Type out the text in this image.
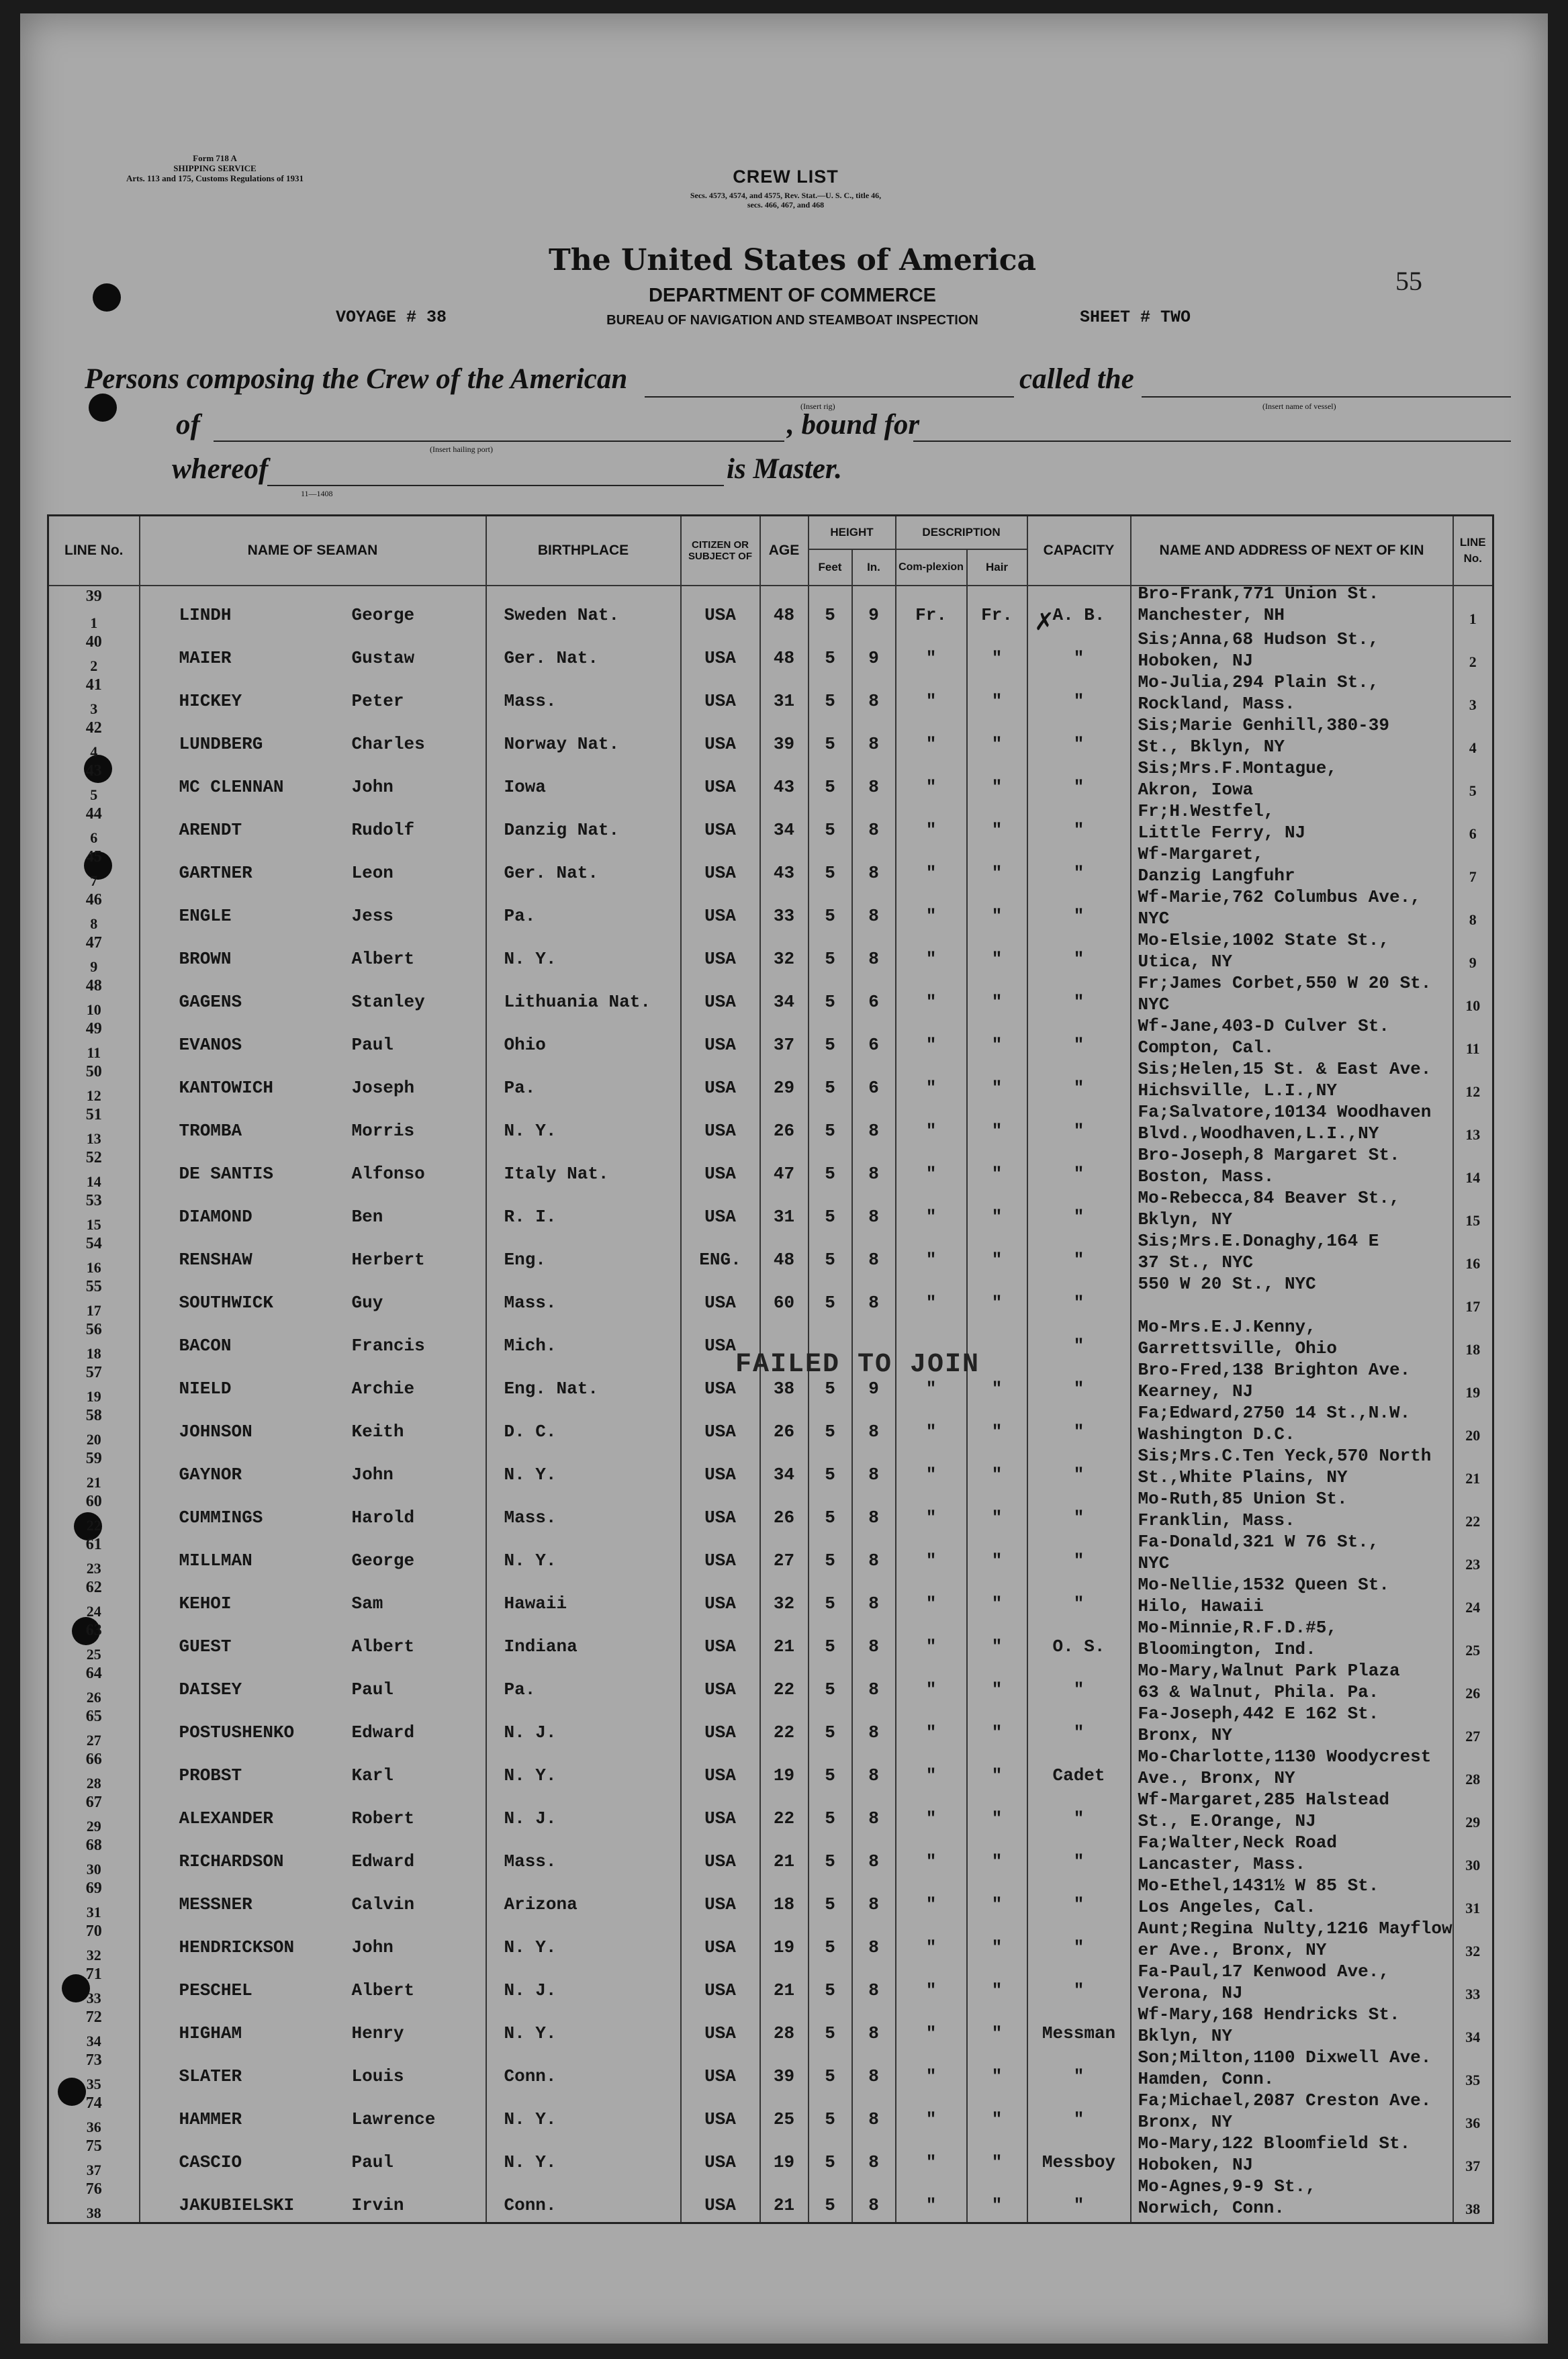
Form 718 A
SHIPPING SERVICE
Arts. 113 and 175, Customs Regulations of 1931	CREW LIST
Secs. 4573, 4574, and 4575, Rev. Stat.—U. S. C., title 46,
secs. 466, 467, and 468
The United States of America
DEPARTMENT OF COMMERCE
BUREAU OF NAVIGATION AND STEAMBOAT INSPECTION
VOYAGE # 38	SHEET # TWO
55
Persons composing the Crew of the American
(Insert rig)
called the
(Insert name of vessel)
of
(Insert hailing port)
, bound for
whereof
11—1408
is Master.
LINE No.	NAME OF SEAMAN	BIRTHPLACE	CITIZEN OR SUBJECT OF	AGE	HEIGHT		DESCRIPTION		CAPACITY	NAME AND ADDRESS OF NEXT OF KIN	LINE No.
					Feet	In.	Com-plexion	Hair			

39
1	LINDH George	Sweden Nat.	USA	48	5	9	Fr.	Fr.	A. B.	Bro-Frank,771 Union St.
Manchester, NH	1

40
2	MAIER Gustaw	Ger. Nat.	USA	48	5	9	"	"	"	Sis;Anna,68 Hudson St.,
Hoboken, NJ	2

41
3	HICKEY Peter	Mass.	USA	31	5	8	"	"	"	Mo-Julia,294 Plain St.,
Rockland, Mass.	3

42
4	LUNDBERG Charles	Norway Nat.	USA	39	5	8	"	"	"	Sis;Marie Genhill,380-39
St., Bklyn, NY	4

43
5	MC CLENNAN John	Iowa	USA	43	5	8	"	"	"	Sis;Mrs.F.Montague,
Akron, Iowa	5

44
6	ARENDT Rudolf	Danzig Nat.	USA	34	5	8	"	"	"	Fr;H.Westfel,
Little Ferry, NJ	6

45
7	GARTNER Leon	Ger. Nat.	USA	43	5	8	"	"	"	Wf-Margaret,
Danzig Langfuhr	7

46
8	ENGLE Jess	Pa.	USA	33	5	8	"	"	"	Wf-Marie,762 Columbus Ave.,
NYC	8

47
9	BROWN Albert	N. Y.	USA	32	5	8	"	"	"	Mo-Elsie,1002 State St.,
Utica, NY	9

48
10	GAGENS Stanley	Lithuania Nat.	USA	34	5	6	"	"	"	Fr;James Corbet,550 W 20 St.
NYC	10

49
11	EVANOS Paul	Ohio	USA	37	5	6	"	"	"	Wf-Jane,403-D Culver St.
Compton, Cal.	11

50
12	KANTOWICH Joseph	Pa.	USA	29	5	6	"	"	"	Sis;Helen,15 St. & East Ave.
Hichsville, L.I.,NY	12

51
13	TROMBA Morris	N. Y.	USA	26	5	8	"	"	"	Fa;Salvatore,10134 Woodhaven
Blvd.,Woodhaven,L.I.,NY	13

52
14	DE SANTIS Alfonso	Italy Nat.	USA	47	5	8	"	"	"	Bro-Joseph,8 Margaret St.
Boston, Mass.	14

53
15	DIAMOND Ben	R. I.	USA	31	5	8	"	"	"	Mo-Rebecca,84 Beaver St.,
Bklyn, NY	15

54
16	RENSHAW Herbert	Eng.	ENG.	48	5	8	"	"	"	Sis;Mrs.E.Donaghy,164 E
37 St., NYC	16

55
17	SOUTHWICK Guy	Mass.	USA	60	5	8	"	"	"	550 W 20 St., NYC	17

56
18	BACON Francis	Mich.	USA						"	Mo-Mrs.E.J.Kenny,
Garrettsville, Ohio	18

57
19	NIELD Archie	Eng. Nat.	USA	38	5	9	"	"	"	Bro-Fred,138 Brighton Ave.
Kearney, NJ	19

58
20	JOHNSON Keith	D. C.	USA	26	5	8	"	"	"	Fa;Edward,2750 14 St.,N.W.
Washington D.C.	20

59
21	GAYNOR John	N. Y.	USA	34	5	8	"	"	"	Sis;Mrs.C.Ten Yeck,570 North
St.,White Plains, NY	21

60
22	CUMMINGS Harold	Mass.	USA	26	5	8	"	"	"	Mo-Ruth,85 Union St.
Franklin, Mass.	22

61
23	MILLMAN George	N. Y.	USA	27	5	8	"	"	"	Fa-Donald,321 W 76 St.,
NYC	23

62
24	KEHOI Sam	Hawaii	USA	32	5	8	"	"	"	Mo-Nellie,1532 Queen St.
Hilo, Hawaii	24

63
25	GUEST Albert	Indiana	USA	21	5	8	"	"	O. S.	Mo-Minnie,R.F.D.#5,
Bloomington, Ind.	25

64
26	DAISEY Paul	Pa.	USA	22	5	8	"	"	"	Mo-Mary,Walnut Park Plaza
63 & Walnut, Phila. Pa.	26

65
27	POSTUSHENKO Edward	N. J.	USA	22	5	8	"	"	"	Fa-Joseph,442 E 162 St.
Bronx, NY	27

66
28	PROBST Karl	N. Y.	USA	19	5	8	"	"	Cadet	Mo-Charlotte,1130 Woodycrest
Ave., Bronx, NY	28

67
29	ALEXANDER Robert	N. J.	USA	22	5	8	"	"	"	Wf-Margaret,285 Halstead
St., E.Orange, NJ	29

68
30	RICHARDSON Edward	Mass.	USA	21	5	8	"	"	"	Fa;Walter,Neck Road
Lancaster, Mass.	30

69
31	MESSNER Calvin	Arizona	USA	18	5	8	"	"	"	Mo-Ethel,1431½ W 85 St.
Los Angeles, Cal.	31

70
32	HENDRICKSON John	N. Y.	USA	19	5	8	"	"	"	Aunt;Regina Nulty,1216 Mayflow
er Ave., Bronx, NY	32

71
33	PESCHEL Albert	N. J.	USA	21	5	8	"	"	"	Fa-Paul,17 Kenwood Ave.,
Verona, NJ	33

72
34	HIGHAM Henry	N. Y.	USA	28	5	8	"	"	Messman	Wf-Mary,168 Hendricks St.
Bklyn, NY	34

73
35	SLATER Louis	Conn.	USA	39	5	8	"	"	"	Son;Milton,1100 Dixwell Ave.
Hamden, Conn.	35

74
36	HAMMER Lawrence	N. Y.	USA	25	5	8	"	"	"	Fa;Michael,2087 Creston Ave.
Bronx, NY	36

75
37	CASCIO Paul	N. Y.	USA	19	5	8	"	"	Messboy	Mo-Mary,122 Bloomfield St.
Hoboken, NJ	37

76
38	JAKUBIELSKI Irvin	Conn.	USA	21	5	8	"	"	"	Mo-Agnes,9-9 St.,
Norwich, Conn.	38
FAILED TO JOIN
✗
